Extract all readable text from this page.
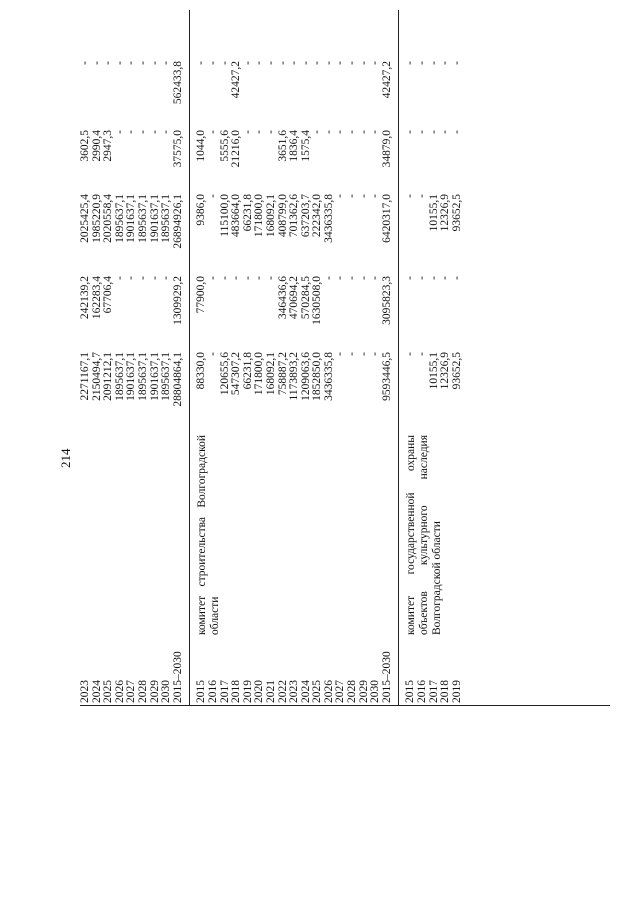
214
2023
2271167,1
242139,2
2025425,4
3602,5
-
2024
2150494,7
162283,4
1985220,9
2990,4
-
2025
2091212,1
67706,4
2020558,4
2947,3
-
2026
1895637,1
-
1895637,1
-
-
2027
1901637,1
-
1901637,1
-
-
2028
1895637,1
-
1895637,1
-
-
2029
1901637,1
-
1901637,1
-
-
2030
1895637,1
-
1895637,1
-
-
2015–2030
28804864,1
1309929,2
26894926,1
37575,0
562433,8
2015
88330,0
77900,0
9386,0
1044,0
-
2016
-
-
-
-
-
2017
120655,6
-
115100,0
5555,6
-
2018
547307,2
-
483664,0
21216,0
42427,2
2019
66231,8
-
66231,8
-
-
2020
171800,0
-
171800,0
-
-
2021
168092,1
-
168092,1
-
-
2022
758887,2
346436,6
408799,0
3651,6
-
2023
1173893,2
470694,2
701362,6
1836,4
-
2024
1209063,6
570284,5
637203,7
1575,4
-
2025
1852850,0
1630508,0
222342,0
-
-
2026
3436335,8
-
3436335,8
-
-
2027
-
-
-
-
-
2028
-
-
-
-
-
2029
-
-
-
-
-
2030
-
-
-
-
-
2015–2030
9593446,5
3095823,3
6420317,0
34879,0
42427,2
комитет строительства Волгоградской области
2015
-
-
-
-
-
2016
-
-
-
-
-
2017
10155,1
-
10155,1
-
-
2018
12326,9
-
12326,9
-
-
2019
93652,5
-
93652,5
-
-
комитет государственной охраны объектов культурного наследия Волгоградской области
